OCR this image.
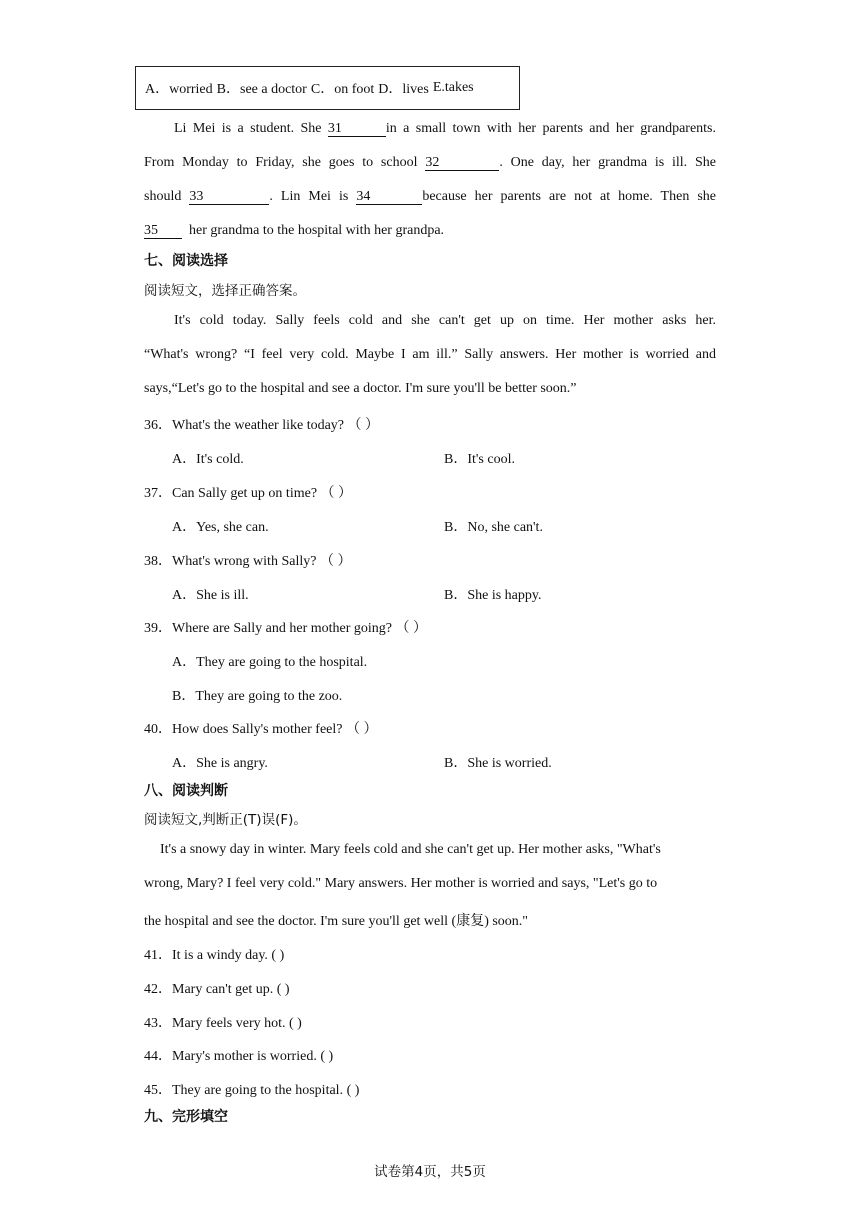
A．worried B．see a doctor C．on foot D．lives E.takes
Li Mei is a student. She 31	in a small town with her parents and her grandparents.
From Monday to Friday, she goes to school 32	. One day, her grandma is ill. She
should 33	. Lin Mei is 34	because her parents are not at home. Then she
35 her grandma to the hospital with her grandpa.
七、阅读选择
阅读短文，选择正确答案。
It's cold today. Sally feels cold and she can't get up on time. Her mother asks her.
“What's wrong? “I feel very cold. Maybe I am ill.” Sally answers. Her mother is worried and
says,“Let's go to the hospital and see a doctor. I'm sure you'll be better soon.”
36．What's the weather like today? （ ）
A．It's cold.	B．It's cool.
37．Can Sally get up on time? （ ）
A．Yes, she can.	B．No, she can't.
38．What's wrong with Sally? （ ）
A．She is ill.	B．She is happy.
39．Where are Sally and her mother going? （ ）
A．They are going to the hospital.
B．They are going to the zoo.
40．How does Sally's mother feel? （ ）
A．She is angry.	B．She is worried.
八、阅读判断
阅读短文,判断正(T)误(F)。
It's a snowy day in winter. Mary feels cold and she can't get up. Her mother asks, "What's
wrong, Mary? I feel very cold." Mary answers. Her mother is worried and says, "Let's go to
the hospital and see the doctor. I'm sure you'll get well (康复) soon."
41．It is a windy day. ( )
42．Mary can't get up. ( )
43．Mary feels very hot. ( )
44．Mary's mother is worried. ( )
45．They are going to the hospital. ( )
九、完形填空
试卷第4页，共5页
